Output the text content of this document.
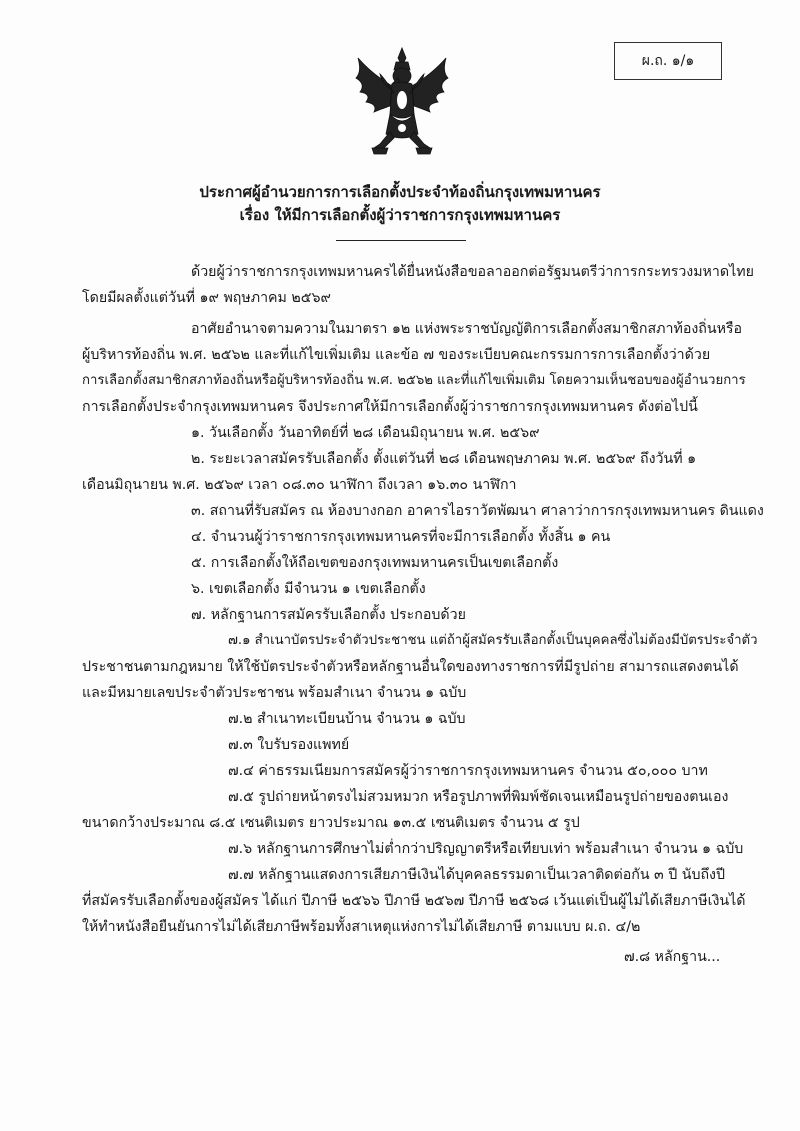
ผ.ถ. ๑/๑
ประกาศผู้อำนวยการการเลือกตั้งประจำท้องถิ่นกรุงเทพมหานคร
เรื่อง ให้มีการเลือกตั้งผู้ว่าราชการกรุงเทพมหานคร
ด้วยผู้ว่าราชการกรุงเทพมหานครได้ยื่นหนังสือขอลาออกต่อรัฐมนตรีว่าการกระทรวงมหาดไทย
โดยมีผลตั้งแต่วันที่ ๑๙ พฤษภาคม ๒๕๖๙
อาศัยอำนาจตามความในมาตรา ๑๒ แห่งพระราชบัญญัติการเลือกตั้งสมาชิกสภาท้องถิ่นหรือ
ผู้บริหารท้องถิ่น พ.ศ. ๒๕๖๒ และที่แก้ไขเพิ่มเติม และข้อ ๗ ของระเบียบคณะกรรมการการเลือกตั้งว่าด้วย
การเลือกตั้งสมาชิกสภาท้องถิ่นหรือผู้บริหารท้องถิ่น พ.ศ. ๒๕๖๒ และที่แก้ไขเพิ่มเติม โดยความเห็นชอบของผู้อำนวยการ
การเลือกตั้งประจำกรุงเทพมหานคร จึงประกาศให้มีการเลือกตั้งผู้ว่าราชการกรุงเทพมหานคร ดังต่อไปนี้
๑. วันเลือกตั้ง วันอาทิตย์ที่ ๒๘ เดือนมิถุนายน พ.ศ. ๒๕๖๙
๒. ระยะเวลาสมัครรับเลือกตั้ง ตั้งแต่วันที่ ๒๘ เดือนพฤษภาคม พ.ศ. ๒๕๖๙ ถึงวันที่ ๑
เดือนมิถุนายน พ.ศ. ๒๕๖๙ เวลา ๐๘.๓๐ นาฬิกา ถึงเวลา ๑๖.๓๐ นาฬิกา
๓. สถานที่รับสมัคร ณ ห้องบางกอก อาคารไอราวัตพัฒนา ศาลาว่าการกรุงเทพมหานคร ดินแดง
๔. จำนวนผู้ว่าราชการกรุงเทพมหานครที่จะมีการเลือกตั้ง ทั้งสิ้น ๑ คน
๕. การเลือกตั้งให้ถือเขตของกรุงเทพมหานครเป็นเขตเลือกตั้ง
๖. เขตเลือกตั้ง มีจำนวน ๑ เขตเลือกตั้ง
๗. หลักฐานการสมัครรับเลือกตั้ง ประกอบด้วย
๗.๑ สำเนาบัตรประจำตัวประชาชน แต่ถ้าผู้สมัครรับเลือกตั้งเป็นบุคคลซึ่งไม่ต้องมีบัตรประจำตัว
ประชาชนตามกฎหมาย ให้ใช้บัตรประจำตัวหรือหลักฐานอื่นใดของทางราชการที่มีรูปถ่าย สามารถแสดงตนได้
และมีหมายเลขประจำตัวประชาชน พร้อมสำเนา จำนวน ๑ ฉบับ
๗.๒ สำเนาทะเบียนบ้าน จำนวน ๑ ฉบับ
๗.๓ ใบรับรองแพทย์
๗.๔ ค่าธรรมเนียมการสมัครผู้ว่าราชการกรุงเทพมหานคร จำนวน ๕๐,๐๐๐ บาท
๗.๕ รูปถ่ายหน้าตรงไม่สวมหมวก หรือรูปภาพที่พิมพ์ชัดเจนเหมือนรูปถ่ายของตนเอง
ขนาดกว้างประมาณ ๘.๕ เซนติเมตร ยาวประมาณ ๑๓.๕ เซนติเมตร จำนวน ๕ รูป
๗.๖ หลักฐานการศึกษาไม่ต่ำกว่าปริญญาตรีหรือเทียบเท่า พร้อมสำเนา จำนวน ๑ ฉบับ
๗.๗ หลักฐานแสดงการเสียภาษีเงินได้บุคคลธรรมดาเป็นเวลาติดต่อกัน ๓ ปี นับถึงปี
ที่สมัครรับเลือกตั้งของผู้สมัคร ได้แก่ ปีภาษี ๒๕๖๖ ปีภาษี ๒๕๖๗ ปีภาษี ๒๕๖๘ เว้นแต่เป็นผู้ไม่ได้เสียภาษีเงินได้
ให้ทำหนังสือยืนยันการไม่ได้เสียภาษีพร้อมทั้งสาเหตุแห่งการไม่ได้เสียภาษี ตามแบบ ผ.ถ. ๔/๒
๗.๘ หลักฐาน...
